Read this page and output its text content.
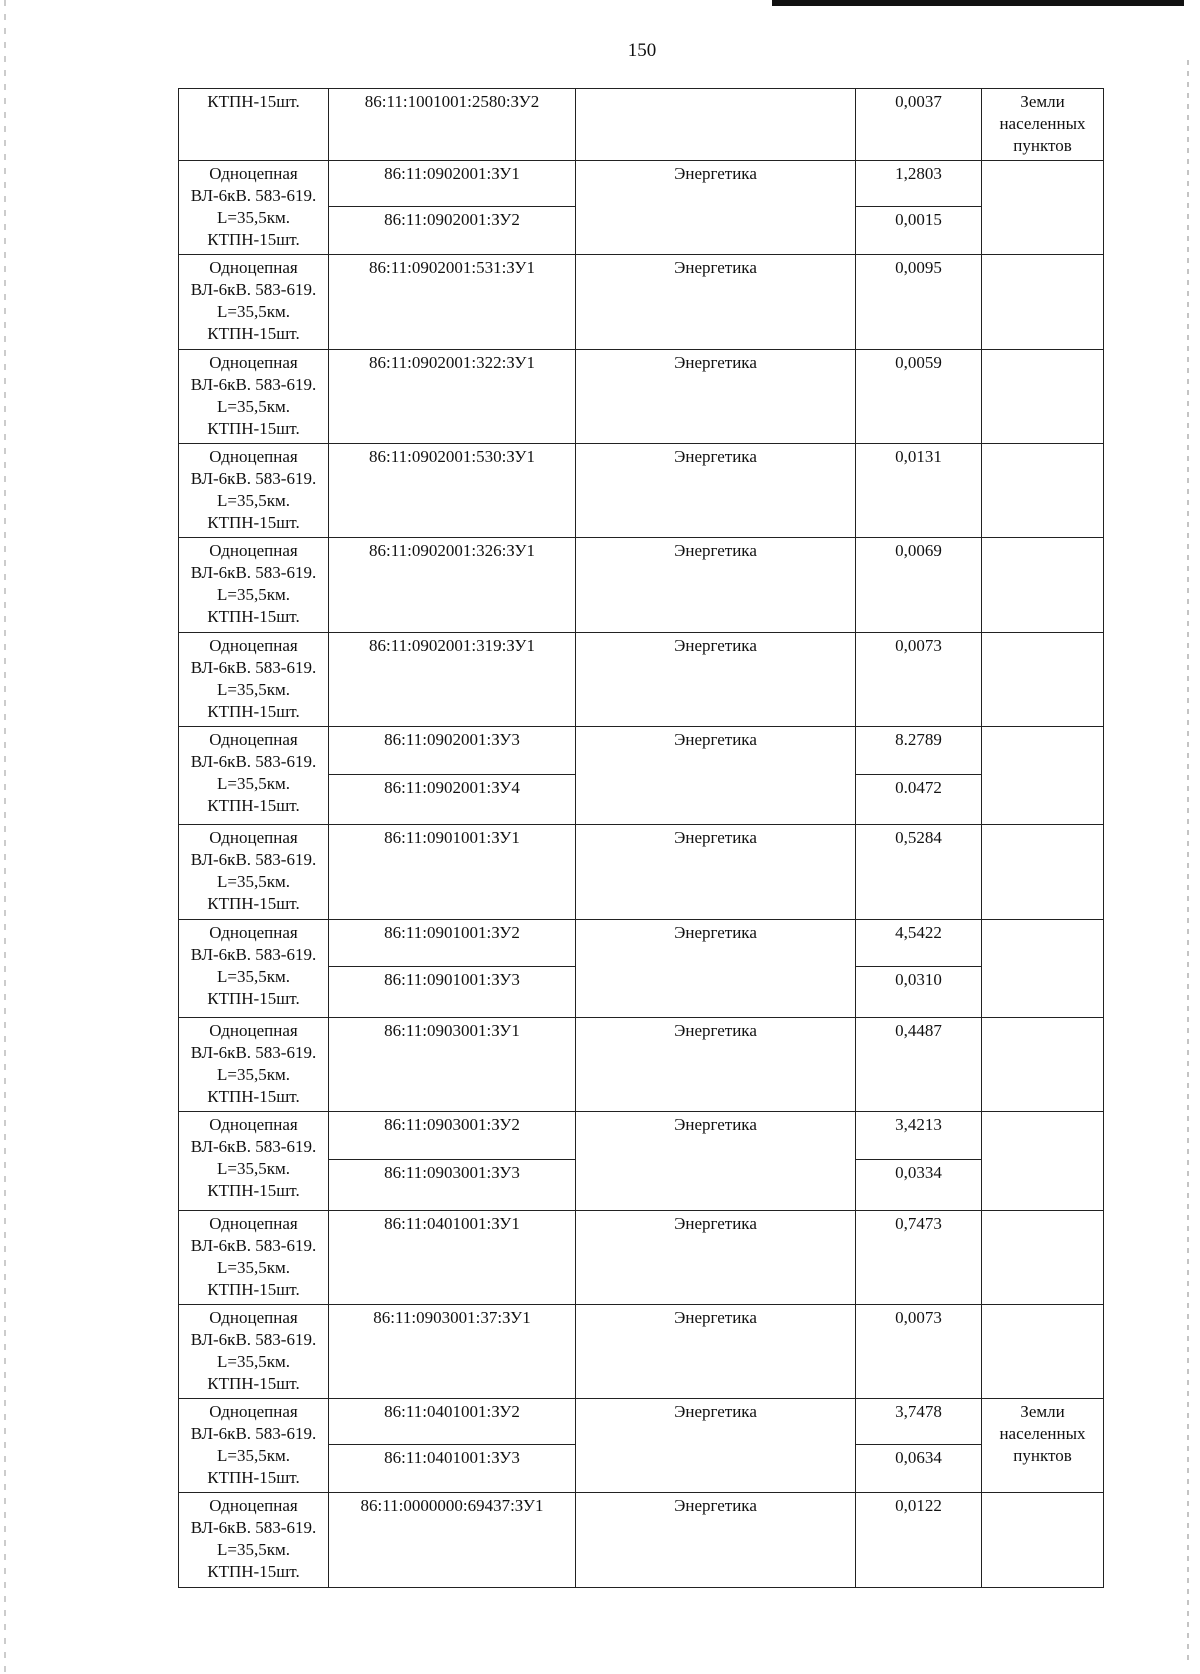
150
КТПН-15шт.	86:11:1001001:2580:ЗУ2		0,0037	Земли населенных пунктов
Одноцепная ВЛ-6кВ. 583-619. L=35,5км. КТПН-15шт.	86:11:0902001:ЗУ1	Энергетика	1,2803	
	86:11:0902001:ЗУ2		0,0015	
Одноцепная ВЛ-6кВ. 583-619. L=35,5км. КТПН-15шт.	86:11:0902001:531:ЗУ1	Энергетика	0,0095	
Одноцепная ВЛ-6кВ. 583-619. L=35,5км. КТПН-15шт.	86:11:0902001:322:ЗУ1	Энергетика	0,0059	
Одноцепная ВЛ-6кВ. 583-619. L=35,5км. КТПН-15шт.	86:11:0902001:530:ЗУ1	Энергетика	0,0131	
Одноцепная ВЛ-6кВ. 583-619. L=35,5км. КТПН-15шт.	86:11:0902001:326:ЗУ1	Энергетика	0,0069	
Одноцепная ВЛ-6кВ. 583-619. L=35,5км. КТПН-15шт.	86:11:0902001:319:ЗУ1	Энергетика	0,0073	
Одноцепная ВЛ-6кВ. 583-619. L=35,5км. КТПН-15шт.	86:11:0902001:ЗУ3	Энергетика	8.2789	
	86:11:0902001:ЗУ4		0.0472	
Одноцепная ВЛ-6кВ. 583-619. L=35,5км. КТПН-15шт.	86:11:0901001:ЗУ1	Энергетика	0,5284	
Одноцепная ВЛ-6кВ. 583-619. L=35,5км. КТПН-15шт.	86:11:0901001:ЗУ2	Энергетика	4,5422	
	86:11:0901001:ЗУ3		0,0310	
Одноцепная ВЛ-6кВ. 583-619. L=35,5км. КТПН-15шт.	86:11:0903001:ЗУ1	Энергетика	0,4487	
Одноцепная ВЛ-6кВ. 583-619. L=35,5км. КТПН-15шт.	86:11:0903001:ЗУ2	Энергетика	3,4213	
	86:11:0903001:ЗУ3		0,0334	
Одноцепная ВЛ-6кВ. 583-619. L=35,5км. КТПН-15шт.	86:11:0401001:ЗУ1	Энергетика	0,7473	
Одноцепная ВЛ-6кВ. 583-619. L=35,5км. КТПН-15шт.	86:11:0903001:37:ЗУ1	Энергетика	0,0073	
Одноцепная ВЛ-6кВ. 583-619. L=35,5км. КТПН-15шт.	86:11:0401001:ЗУ2	Энергетика	3,7478	Земли населенных пунктов
	86:11:0401001:ЗУ3		0,0634	
Одноцепная ВЛ-6кВ. 583-619. L=35,5км. КТПН-15шт.	86:11:0000000:69437:ЗУ1	Энергетика	0,0122	
